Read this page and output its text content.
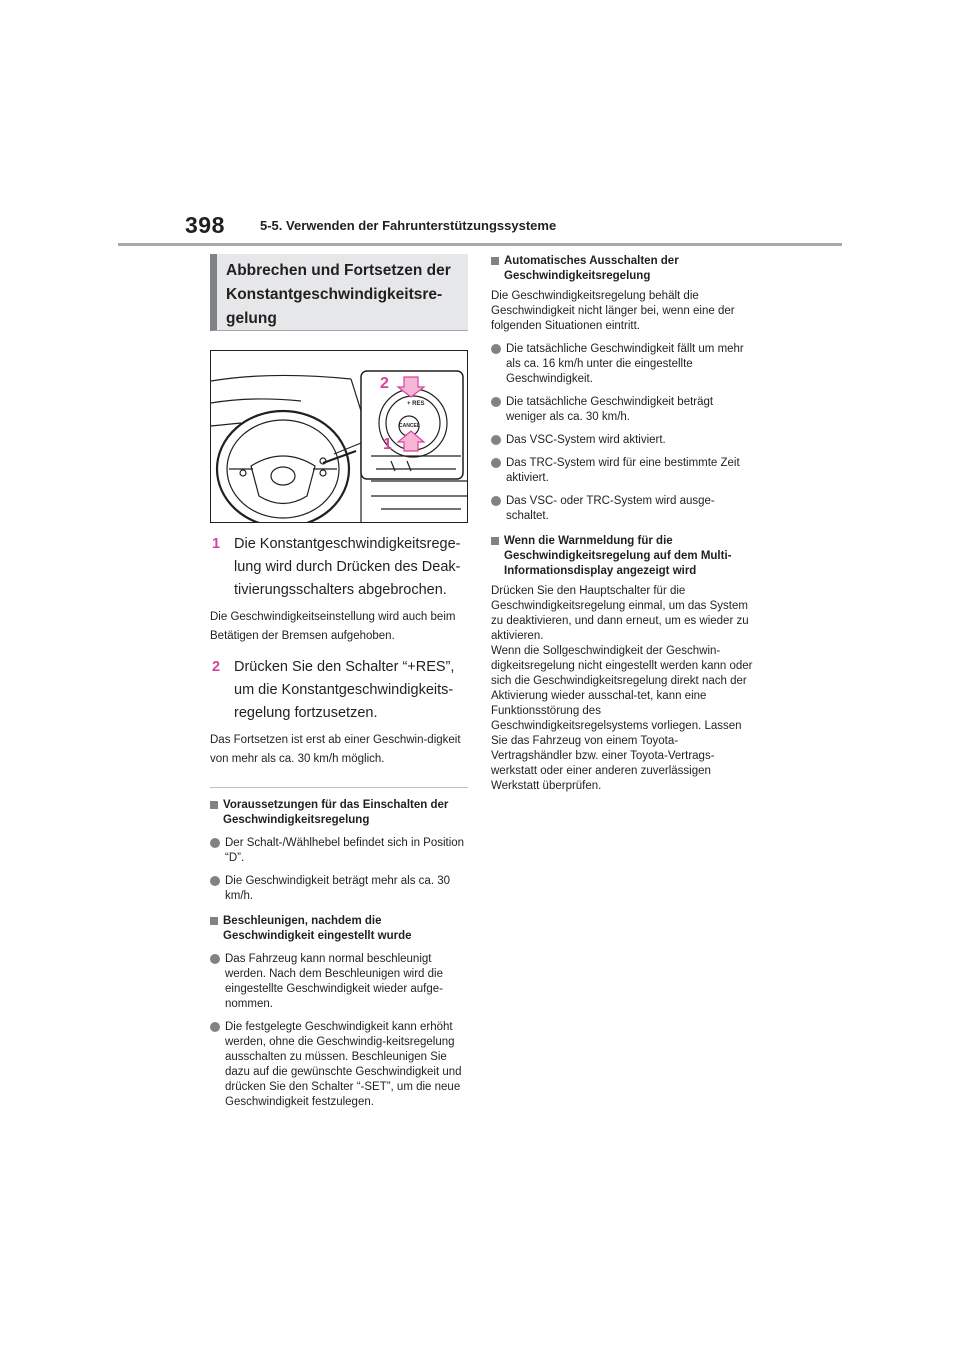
398	5-5. Verwenden der Fahrunterstützungssysteme
Abbrechen und Fortsetzen der Konstantgeschwindigkeitsre-gelung
2
1
+ RES
CANCEL
1 Die Konstantgeschwindigkeitsrege-lung wird durch Drücken des Deak-tivierungsschalters abgebrochen.
Die Geschwindigkeitseinstellung wird auch beim Betätigen der Bremsen aufgehoben.
2 Drücken Sie den Schalter “+RES”, um die Konstantgeschwindigkeits-regelung fortzusetzen.
Das Fortsetzen ist erst ab einer Geschwin-digkeit von mehr als ca. 30 km/h möglich.
Voraussetzungen für das Einschalten der Geschwindigkeitsregelung
Der Schalt-/Wählhebel befindet sich in Position “D”.
Die Geschwindigkeit beträgt mehr als ca. 30 km/h.
Beschleunigen, nachdem die Geschwindigkeit eingestellt wurde
Das Fahrzeug kann normal beschleunigt werden. Nach dem Beschleunigen wird die eingestellte Geschwindigkeit wieder aufge-nommen.
Die festgelegte Geschwindigkeit kann erhöht werden, ohne die Geschwindig-keitsregelung ausschalten zu müssen. Beschleunigen Sie dazu auf die gewünschte Geschwindigkeit und drücken Sie den Schalter “-SET”, um die neue Geschwindigkeit festzulegen.
Automatisches Ausschalten der Geschwindigkeitsregelung
Die Geschwindigkeitsregelung behält die Geschwindigkeit nicht länger bei, wenn eine der folgenden Situationen eintritt.
Die tatsächliche Geschwindigkeit fällt um mehr als ca. 16 km/h unter die eingestellte Geschwindigkeit.
Die tatsächliche Geschwindigkeit beträgt weniger als ca. 30 km/h.
Das VSC-System wird aktiviert.
Das TRC-System wird für eine bestimmte Zeit aktiviert.
Das VSC- oder TRC-System wird ausge-schaltet.
Wenn die Warnmeldung für die Geschwindigkeitsregelung auf dem Multi-Informationsdisplay angezeigt wird
Drücken Sie den Hauptschalter für die Geschwindigkeitsregelung einmal, um das System zu deaktivieren, und dann erneut, um es wieder zu aktivieren.
Wenn die Sollgeschwindigkeit der Geschwin-digkeitsregelung nicht eingestellt werden kann oder sich die Geschwindigkeitsregelung direkt nach der Aktivierung wieder ausschal-tet, kann eine Funktionsstörung des Geschwindigkeitsregelsystems vorliegen. Lassen Sie das Fahrzeug von einem Toyota-Vertragshändler bzw. einer Toyota-Vertrags-werkstatt oder einer anderen zuverlässigen Werkstatt überprüfen.
